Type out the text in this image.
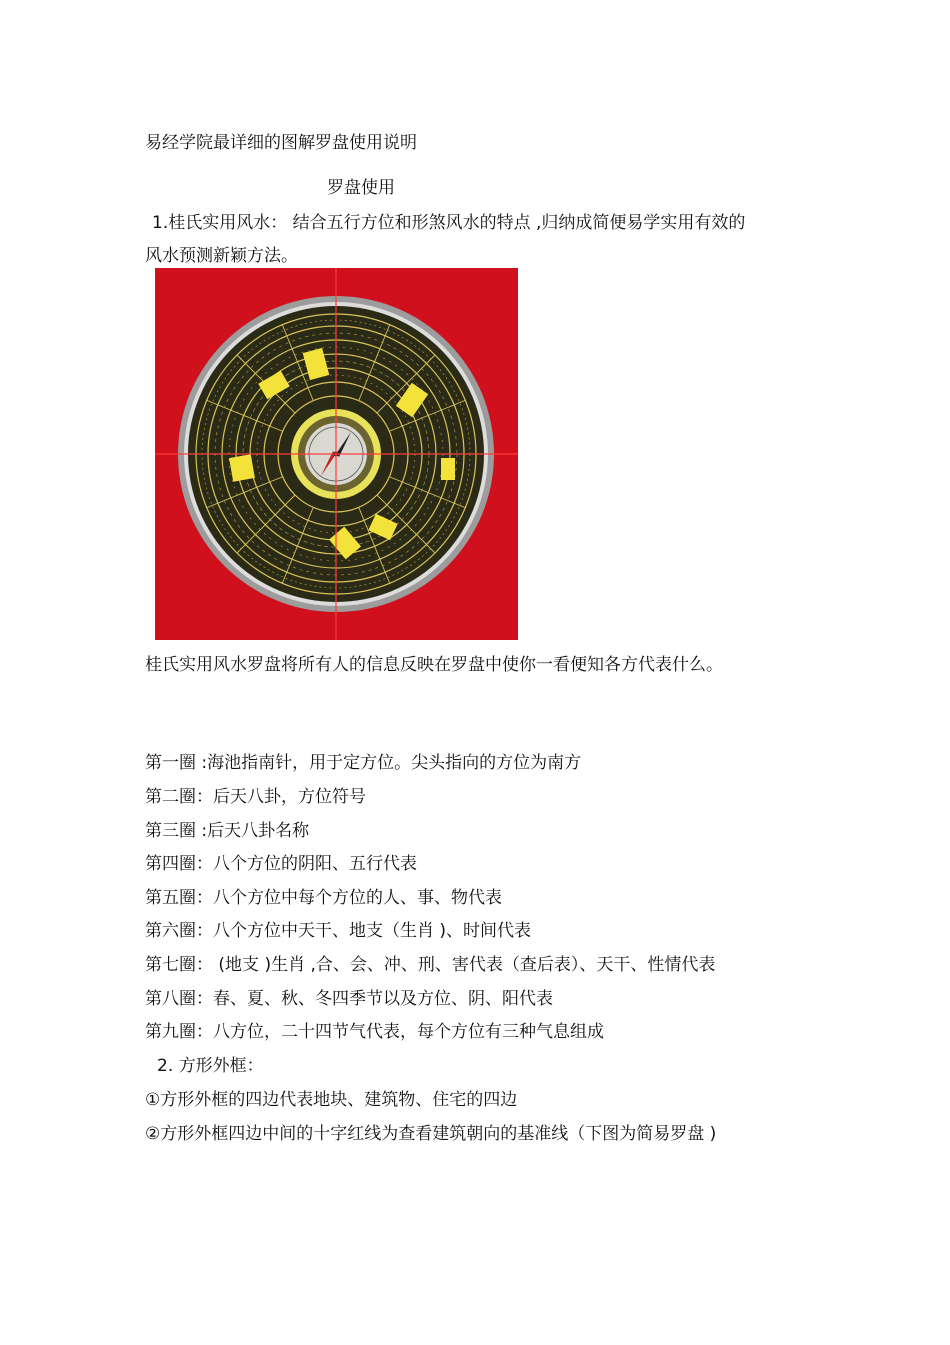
易经学院最详细的图解罗盘使用说明
罗盘使用
1.桂氏实用风水： 结合五行方位和形煞风水的特点 ,归纳成简便易学实用有效的
风水预测新颖方法。
桂氏实用风水罗盘将所有人的信息反映在罗盘中使你一看便知各方代表什么。
第一圈 :海池指南针，用于定方位。尖头指向的方位为南方
第二圈：后天八卦，方位符号
第三圈 :后天八卦名称
第四圈：八个方位的阴阳、五行代表
第五圈：八个方位中每个方位的人、事、物代表
第六圈：八个方位中天干、地支（生肖 )、时间代表
第七圈： (地支 )生肖 ,合、会、冲、刑、害代表（查后表）、天干、性情代表
第八圈：春、夏、秋、冬四季节以及方位、阴、阳代表
第九圈：八方位，二十四节气代表，每个方位有三种气息组成
2. 方形外框：
①方形外框的四边代表地块、建筑物、住宅的四边
②方形外框四边中间的十字红线为查看建筑朝向的基准线（下图为简易罗盘 )
